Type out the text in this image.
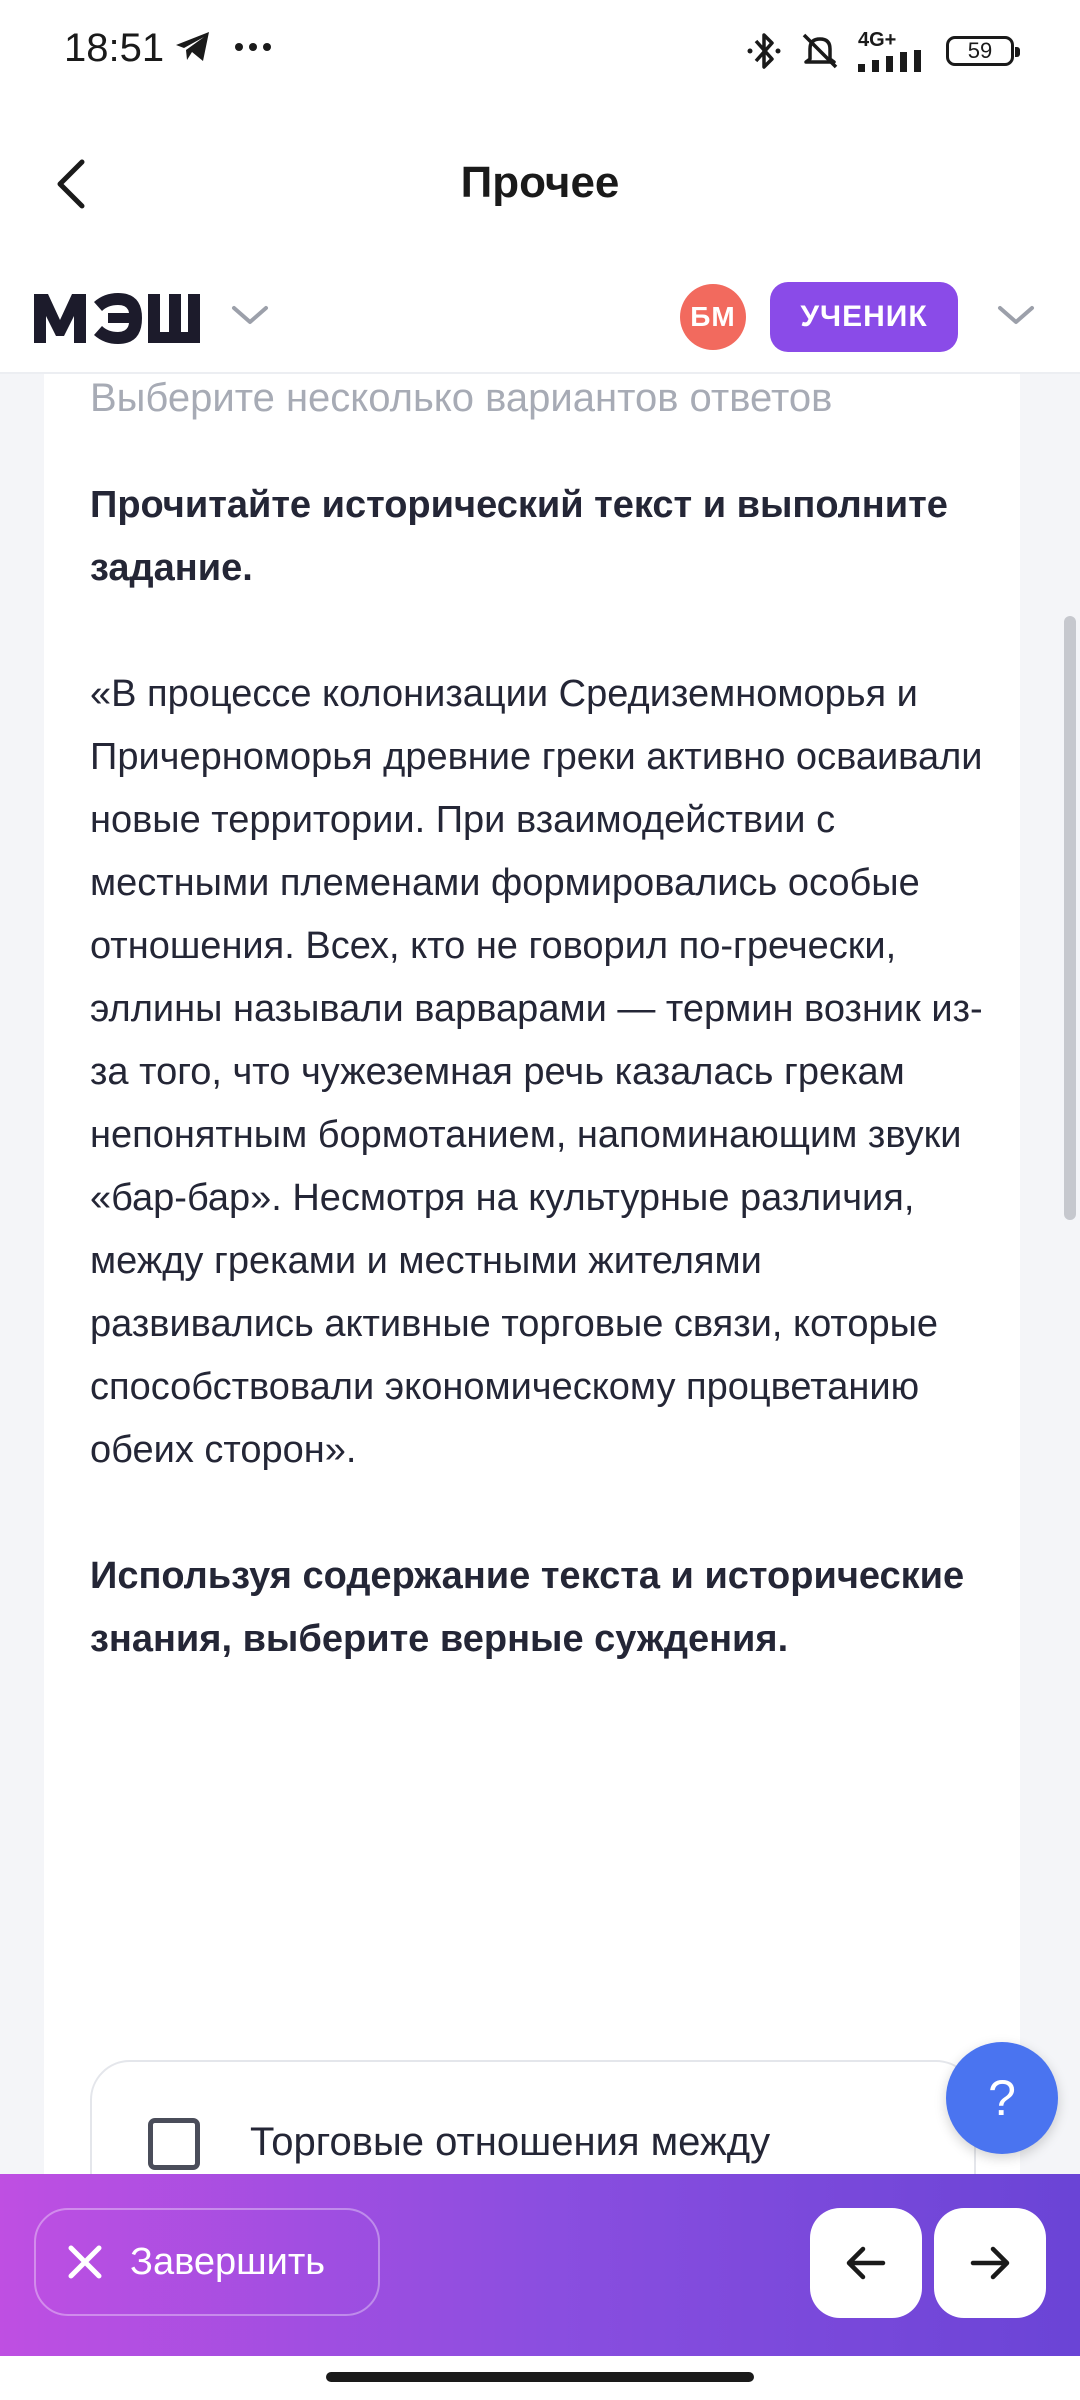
18:51	4G+	59
Прочее
БМ	УЧЕНИК
Выберите несколько вариантов ответов

Прочитайте исторический текст и выполните задание.

«В процессе колонизации Средиземноморья и Причерноморья древние греки активно осваивали новые территории. При взаимодействии с местными племенами формировались особые отношения. Всех, кто не говорил по-гречески, эллины называли варварами — термин возник из-за того, что чужеземная речь казалась грекам непонятным бормотанием, напоминающим звуки «бар-бар». Несмотря на культурные различия, между греками и местными жителями развивались активные торговые связи, которые способствовали экономическому процветанию обеих сторон».

Используя содержание текста и исторические знания, выберите верные суждения.

Торговые отношения между
?
Завершить
